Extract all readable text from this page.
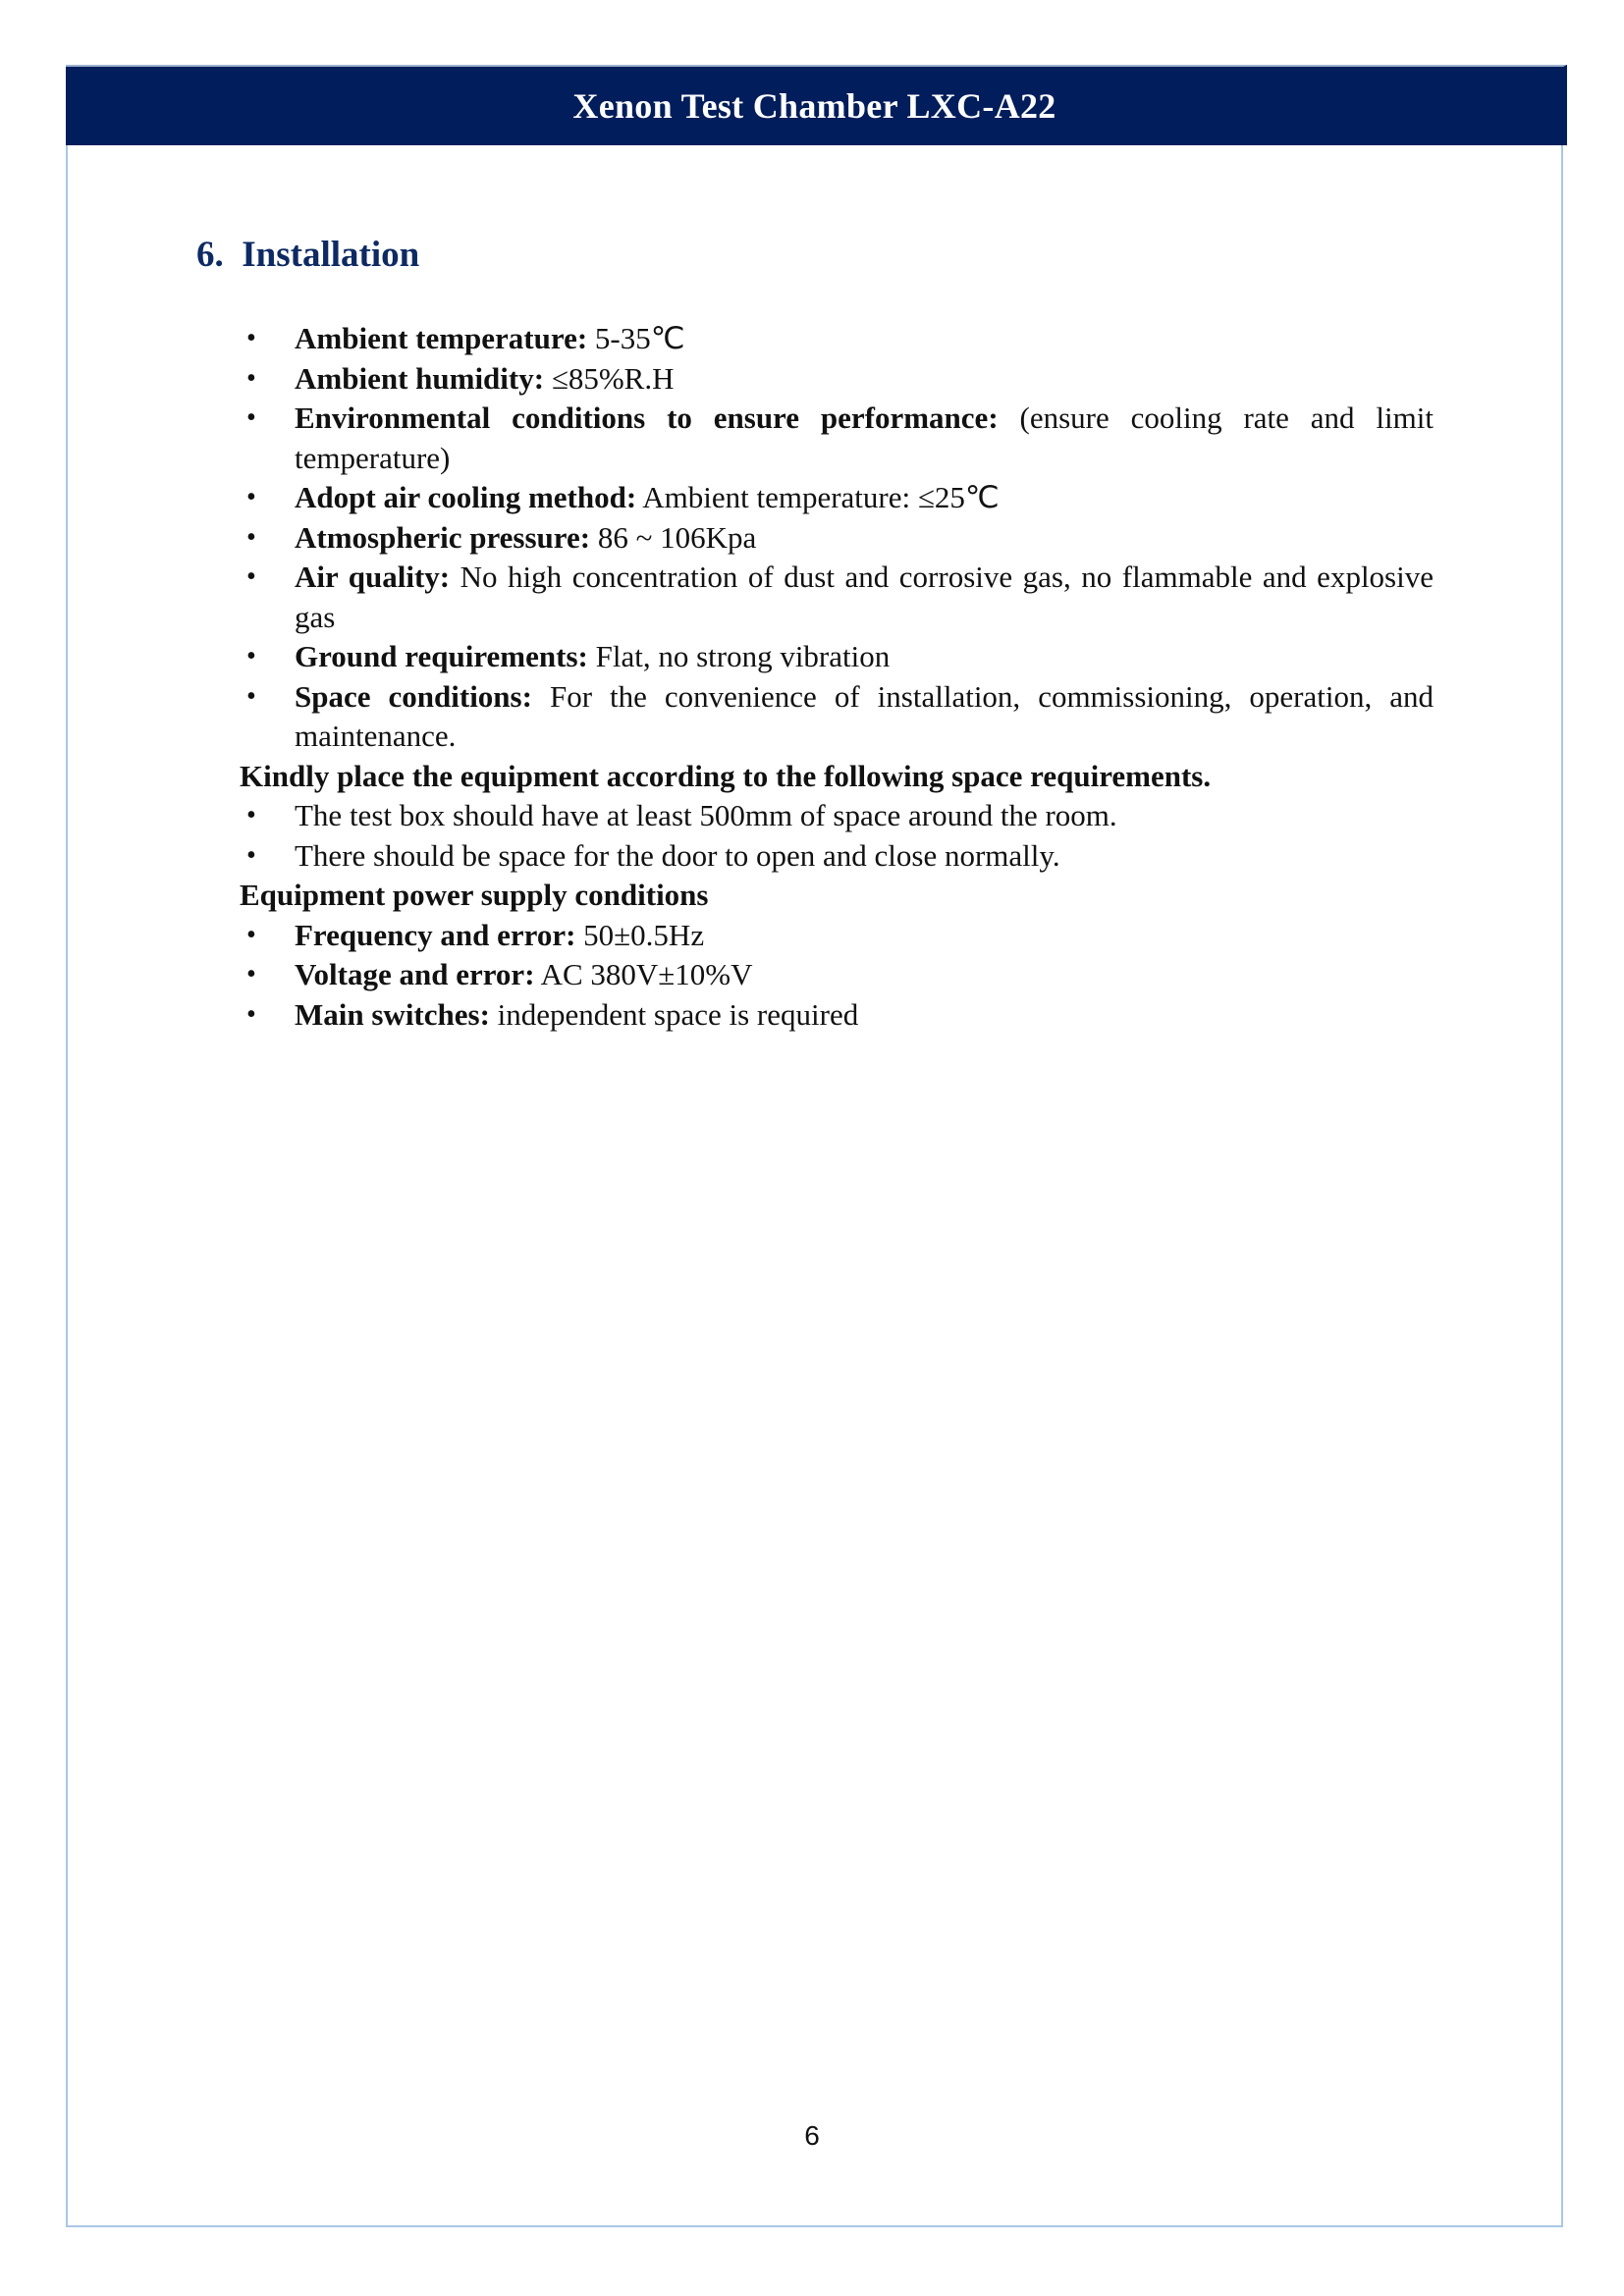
Xenon Test Chamber LXC-A22
6. Installation
• Ambient temperature: 5-35℃
• Ambient humidity: ≤85%R.H
• Environmental conditions to ensure performance: (ensure cooling rate and limit temperature)
• Adopt air cooling method: Ambient temperature: ≤25℃
• Atmospheric pressure: 86 ~ 106Kpa
• Air quality: No high concentration of dust and corrosive gas, no flammable and explosive gas
• Ground requirements: Flat, no strong vibration
• Space conditions: For the convenience of installation, commissioning, operation, and maintenance.
Kindly place the equipment according to the following space requirements.
• The test box should have at least 500mm of space around the room.
• There should be space for the door to open and close normally.
Equipment power supply conditions
• Frequency and error: 50±0.5Hz
• Voltage and error: AC 380V±10%V
• Main switches: independent space is required
6
